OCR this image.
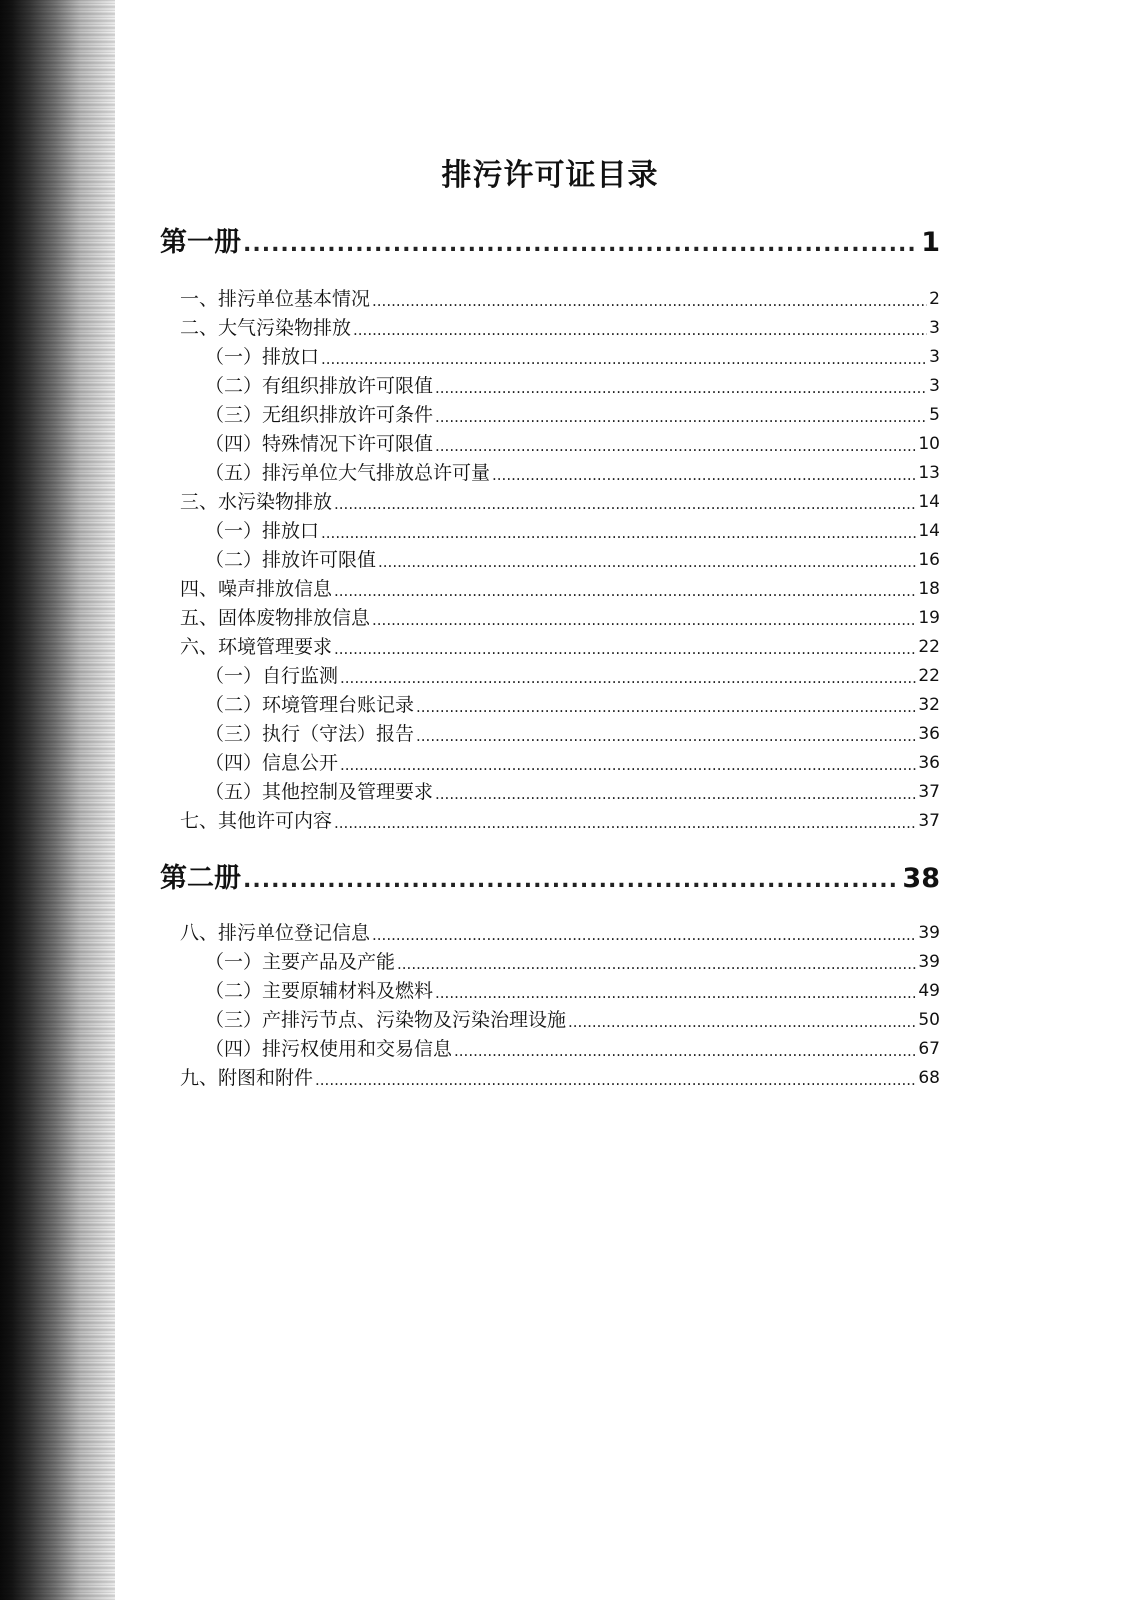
排污许可证目录
第一册 .....	1
一、排污单位基本情况 .....	2
二、大气污染物排放 .....	3
（一）排放口 .....	3
（二）有组织排放许可限值 .....	3
（三）无组织排放许可条件 .....	5
（四）特殊情况下许可限值 .....	10
（五）排污单位大气排放总许可量 .....	13
三、水污染物排放 .....	14
（一）排放口 .....	14
（二）排放许可限值 .....	16
四、噪声排放信息 .....	18
五、固体废物排放信息 .....	19
六、环境管理要求 .....	22
（一）自行监测 .....	22
（二）环境管理台账记录 .....	32
（三）执行（守法）报告 .....	36
（四）信息公开 .....	36
（五）其他控制及管理要求 .....	37
七、其他许可内容 .....	37
第二册 .....	38
八、排污单位登记信息 .....	39
（一）主要产品及产能 .....	39
（二）主要原辅材料及燃料 .....	49
（三）产排污节点、污染物及污染治理设施 .....	50
（四）排污权使用和交易信息 .....	67
九、附图和附件 .....	68
